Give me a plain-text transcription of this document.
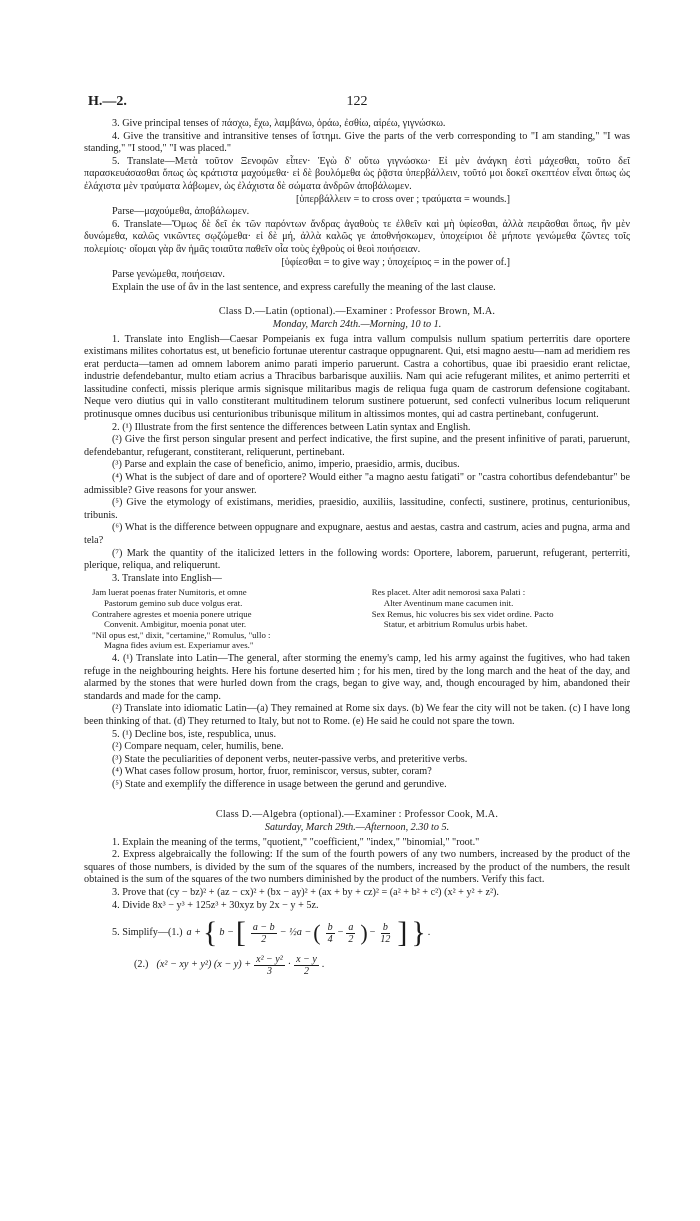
H.—2.	122

3. Give principal tenses of πάσχω, ἔχω, λαμβάνω, ὁράω, ἐσθίω, αἱρέω, γιγνώσκω.

4. Give the transitive and intransitive tenses of ἵστημι. Give the parts of the verb corresponding to "I am standing," "I was standing," "I stood," "I was placed."

5. Translate—Μετὰ τοῦτον Ξενοφῶν εἶπεν· Ἐγὼ δ' οὕτω γιγνώσκω· Εἰ μὲν ἀνάγκη ἐστὶ μάχεσθαι, τοῦτο δεῖ παρασκευάσασθαι ὅπως ὡς κράτιστα μαχούμεθα· εἰ δὲ βουλόμεθα ὡς ῥᾷστα ὑπερβάλλειν, τοῦτό μοι δοκεῖ σκεπτέον εἶναι ὅπως ὡς ἐλάχιστα μὲν τραύματα λάβωμεν, ὡς ἐλάχιστα δὲ σώματα ἀνδρῶν ἀποβάλωμεν.

[ὑπερβάλλειν = to cross over ; τραύματα = wounds.]

Parse—μαχούμεθα, ἀποβάλωμεν.

6. Translate—Ὅμως δὲ δεῖ ἐκ τῶν παρόντων ἄνδρας ἀγαθοὺς τε ἐλθεῖν καὶ μὴ ὑφίεσθαι, ἀλλὰ πειρᾶσθαι ὅπως, ἢν μὲν δυνώμεθα, καλῶς νικῶντες σῳζώμεθα· εἰ δὲ μή, ἀλλὰ καλῶς γε ἀποθνήσκωμεν, ὑποχείριοι δὲ μήποτε γενώμεθα ζῶντες τοῖς πολεμίοις· οἴομαι γὰρ ἂν ἡμᾶς τοιαῦτα παθεῖν οἷα τοὺς ἐχθροὺς οἱ θεοὶ ποιήσειαν.

[ὑφίεσθαι = to give way ; ὑποχείριος = in the power of.]

Parse γενώμεθα, ποιήσειαν.

Explain the use of ἂν in the last sentence, and express carefully the meaning of the last clause.

Class D.—Latin (optional).—Examiner : Professor Brown, M.A.

Monday, March 24th.—Morning, 10 to 1.

1. Translate into English—Caesar Pompeianis ex fuga intra vallum compulsis nullum spatium perterritis dare oportere existimans milites cohortatus est, ut beneficio fortunae uterentur castraque oppugnarent. Qui, etsi magno aestu—nam ad meridiem res erat perducta—tamen ad omnem laborem animo parati imperio paruerunt. Castra a cohortibus, quae ibi praesidio erant relictae, industrie defendebantur, multo etiam acrius a Thracibus barbarisque auxiliis. Nam qui acie refugerant milites, et animo perterriti et lassitudine confecti, missis plerique armis signisque militaribus magis de reliqua fuga quam de castrorum defensione cogitabant. Neque vero diutius qui in vallo constiterant multitudinem telorum sustinere potuerunt, sed confecti vulneribus locum reliquerunt protinusque omnes ducibus usi centurionibus tribunisque militum in altissimos montes, qui ad castra pertinebant, confugerunt.

2. (¹) Illustrate from the first sentence the differences between Latin syntax and English.

(²) Give the first person singular present and perfect indicative, the first supine, and the present infinitive of parati, paruerunt, defendebantur, refugerant, constiterant, reliquerunt, pertinebant.

(³) Parse and explain the case of beneficio, animo, imperio, praesidio, armis, ducibus.

(⁴) What is the subject of dare and of oportere? Would either "a magno aestu fatigati" or "castra cohortibus defendebantur" be admissible? Give reasons for your answer.

(⁵) Give the etymology of existimans, meridies, praesidio, auxiliis, lassitudine, confecti, sustinere, protinus, centurionibus, tribunis.

(⁶) What is the difference between oppugnare and expugnare, aestus and aestas, castra and castrum, acies and pugna, arma and tela?

(⁷) Mark the quantity of the italicized letters in the following words: Oportere, laborem, paruerunt, refugerant, perterriti, plerique, reliqua, and reliquerunt.

3. Translate into English—

Jam luerat poenas frater Numitoris, et omne
Pastorum gemino sub duce volgus erat.
Contrahere agrestes et moenia ponere utrique
Convenit. Ambigitur, moenia ponat uter.
"Nil opus est," dixit, "certamine," Romulus, "ullo :
Magna fides avium est. Experiamur aves."
Res placet. Alter adit nemorosi saxa Palati :
Alter Aventinum mane cacumen init.
Sex Remus, hic volucres bis sex videt ordine. Pacto
Statur, et arbitrium Romulus urbis habet.

4. (¹) Translate into Latin—The general, after storming the enemy's camp, led his army against the fugitives, who had taken refuge in the neighbouring heights. Here his fortune deserted him ; for his men, tired by the long march and the heat of the day, and alarmed by the stones that were hurled down from the crags, began to give way, and, though encouraged by him, abandoned their standards and made for the camp.

(²) Translate into idiomatic Latin—(a) They remained at Rome six days. (b) We fear the city will not be taken. (c) I have long been thinking of that. (d) They returned to Italy, but not to Rome. (e) He said he could not spare the town.

5. (¹) Decline bos, iste, respublica, unus.

(²) Compare nequam, celer, humilis, bene.

(³) State the peculiarities of deponent verbs, neuter-passive verbs, and preteritive verbs.

(⁴) What cases follow prosum, hortor, fruor, reminiscor, versus, subter, coram?

(⁵) State and exemplify the difference in usage between the gerund and gerundive.

Class D.—Algebra (optional).—Examiner : Professor Cook, M.A.

Saturday, March 29th.—Afternoon, 2.30 to 5.

1. Explain the meaning of the terms, "quotient," "coefficient," "index," "binomial," "root."

2. Express algebraically the following: If the sum of the fourth powers of any two numbers, increased by the product of the squares of those numbers, is divided by the sum of the squares of the numbers, increased by the product of the numbers, the result obtained is the sum of the squares of the two numbers diminished by the product of the numbers. Verify this fact.

3. Prove that (cy − bz)² + (az − cx)² + (bx − ay)² + (ax + by + cz)² = (a² + b² + c²) (x² + y² + z²).

4. Divide 8x³ − y³ + 125z³ + 30xyz by 2x − y + 5z.

5. Simplify—(1.) a + { b − [ $\frac{a - b}{2}$ − ½a − ( $\frac{b}{4} - \frac{a}{2}$ ) − $\frac{b}{12}$ ] } .
(2.) (x² − xy + y²) $(x - y) + \frac{\text{x² − y²}}{3} \cdot \frac{x - y}{2}$ .
